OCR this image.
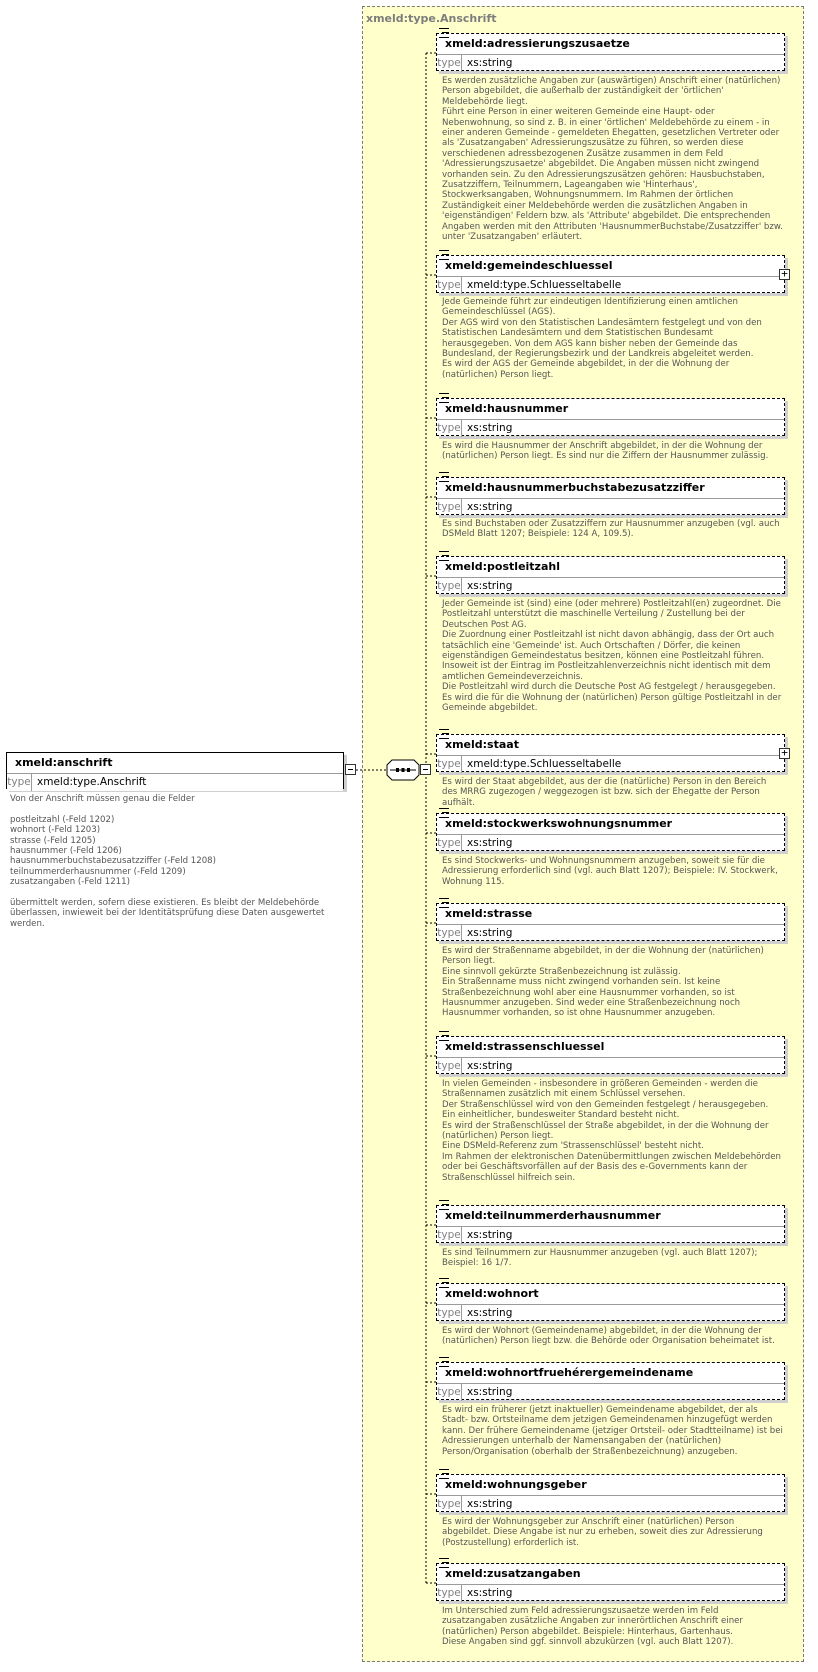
xmeld:type.Anschrift
xmeld:anschrift
type xmeld:type.Anschrift
Von der Anschrift müssen genau die Felder

postleitzahl (-Feld 1202)
wohnort (-Feld 1203)
strasse (-Feld 1205)
hausnummer (-Feld 1206)
hausnummerbuchstabezusatzziffer (-Feld 1208)
teilnummerderhausnummer (-Feld 1209)
zusatzangaben (-Feld 1211)

übermittelt werden, sofern diese existieren. Es bleibt der Meldebehörde überlassen, inwieweit bei der Identitätsprüfung diese Daten ausgewertet werden.
xmeld:adressierungszusaetze
type xs:string
Es werden zusätzliche Angaben zur (auswärtigen) Anschrift einer (natürlichen) Person abgebildet, die außerhalb der zuständigkeit der 'örtlichen' Meldebehörde liegt.
Führt eine Person in einer weiteren Gemeinde eine Haupt- oder Nebenwohnung, so sind z. B. in einer 'örtlichen' Meldebehörde zu einem - in einer anderen Gemeinde - gemeldeten Ehegatten, gesetzlichen Vertreter oder als 'Zusatzangaben' Adressierungszusätze zu führen, so werden diese verschiedenen adressbezogenen Zusätze zusammen in dem Feld 'Adressierungszusaetze' abgebildet. Die Angaben müssen nicht zwingend vorhanden sein. Zu den Adressierungszusätzen gehören: Hausbuchstaben, Zusatzziffern, Teilnummern, Lageangaben wie 'Hinterhaus', Stockwerksangaben, Wohnungsnummern. Im Rahmen der örtlichen Zuständigkeit einer Meldebehörde werden die zusätzlichen Angaben in 'eigenständigen' Feldern bzw. als 'Attribute' abgebildet. Die entsprechenden Angaben werden mit den Attributen 'HausnummerBuchstabe/Zusatzziffer' bzw. unter 'Zusatzangaben' erläutert.
xmeld:gemeindeschluessel
type xmeld:type.Schluesseltabelle
+
Jede Gemeinde führt zur eindeutigen Identifizierung einen amtlichen Gemeindeschlüssel (AGS).
Der AGS wird von den Statistischen Landesämtern festgelegt und von den Statistischen Landesämtern und dem Statistischen Bundesamt herausgegeben. Von dem AGS kann bisher neben der Gemeinde das Bundesland, der Regierungsbezirk und der Landkreis abgeleitet werden.
Es wird der AGS der Gemeinde abgebildet, in der die Wohnung der (natürlichen) Person liegt.
xmeld:hausnummer
type xs:string
Es wird die Hausnummer der Anschrift abgebildet, in der die Wohnung der (natürlichen) Person liegt. Es sind nur die Ziffern der Hausnummer zulässig.
xmeld:hausnummerbuchstabezusatzziffer
type xs:string
Es sind Buchstaben oder Zusatzziffern zur Hausnummer anzugeben (vgl. auch DSMeld Blatt 1207; Beispiele: 124 A, 109.5).
xmeld:postleitzahl
type xs:string
Jeder Gemeinde ist (sind) eine (oder mehrere) Postleitzahl(en) zugeordnet. Die Postleitzahl unterstützt die maschinelle Verteilung / Zustellung bei der Deutschen Post AG.
Die Zuordnung einer Postleitzahl ist nicht davon abhängig, dass der Ort auch tatsächlich eine 'Gemeinde' ist. Auch Ortschaften / Dörfer, die keinen eigenständigen Gemeindestatus besitzen, können eine Postleitzahl führen. Insoweit ist der Eintrag im Postleitzahlenverzeichnis nicht identisch mit dem amtlichen Gemeindeverzeichnis.
Die Postleitzahl wird durch die Deutsche Post AG festgelegt / herausgegeben.
Es wird die für die Wohnung der (natürlichen) Person gültige Postleitzahl in der Gemeinde abgebildet.
xmeld:staat
type xmeld:type.Schluesseltabelle
+
Es wird der Staat abgebildet, aus der die (natürliche) Person in den Bereich des MRRG zugezogen / weggezogen ist bzw. sich der Ehegatte der Person aufhält.
xmeld:stockwerkswohnungsnummer
type xs:string
Es sind Stockwerks- und Wohnungsnummern anzugeben, soweit sie für die Adressierung erforderlich sind (vgl. auch Blatt 1207); Beispiele: IV. Stockwerk, Wohnung 115.
xmeld:strasse
type xs:string
Es wird der Straßenname abgebildet, in der die Wohnung der (natürlichen) Person liegt.
Eine sinnvoll gekürzte Straßenbezeichnung ist zulässig.
Ein Straßenname muss nicht zwingend vorhanden sein. Ist keine Straßenbezeichnung wohl aber eine Hausnummer vorhanden, so ist Hausnummer anzugeben. Sind weder eine Straßenbezeichnung noch Hausnummer vorhanden, so ist ohne Hausnummer anzugeben.
xmeld:strassenschluessel
type xs:string
In vielen Gemeinden - insbesondere in größeren Gemeinden - werden die Straßennamen zusätzlich mit einem Schlüssel versehen.
Der Straßenschlüssel wird von den Gemeinden festgelegt / herausgegeben. Ein einheitlicher, bundesweiter Standard besteht nicht.
Es wird der Straßenschlüssel der Straße abgebildet, in der die Wohnung der (natürlichen) Person liegt.
Eine DSMeld-Referenz zum 'Strassenschlüssel' besteht nicht.
Im Rahmen der elektronischen Datenübermittlungen zwischen Meldebehörden oder bei Geschäftsvorfällen auf der Basis des e-Governments kann der Straßenschlüssel hilfreich sein.
xmeld:teilnummerderhausnummer
type xs:string
Es sind Teilnummern zur Hausnummer anzugeben (vgl. auch Blatt 1207); Beispiel: 16 1/7.
xmeld:wohnort
type xs:string
Es wird der Wohnort (Gemeindename) abgebildet, in der die Wohnung der (natürlichen) Person liegt bzw. die Behörde oder Organisation beheimatet ist.
xmeld:wohnortfruehérergemeindename
type xs:string
Es wird ein früherer (jetzt inaktueller) Gemeindename abgebildet, der als Stadt- bzw. Ortsteilname dem jetzigen Gemeindenamen hinzugefügt werden kann. Der frühere Gemeindename (jetziger Ortsteil- oder Stadtteilname) ist bei Adressierungen unterhalb der Namensangaben der (natürlichen) Person/Organisation (oberhalb der Straßenbezeichnung) anzugeben.
xmeld:wohnungsgeber
type xs:string
Es wird der Wohnungsgeber zur Anschrift einer (natürlichen) Person abgebildet. Diese Angabe ist nur zu erheben, soweit dies zur Adressierung (Postzustellung) erforderlich ist.
xmeld:zusatzangaben
type xs:string
Im Unterschied zum Feld adressierungszusaetze werden im Feld zusatzangaben zusätzliche Angaben zur innerörtlichen Anschrift einer (natürlichen) Person abgebildet. Beispiele: Hinterhaus, Gartenhaus.
Diese Angaben sind ggf. sinnvoll abzukürzen (vgl. auch Blatt 1207).
